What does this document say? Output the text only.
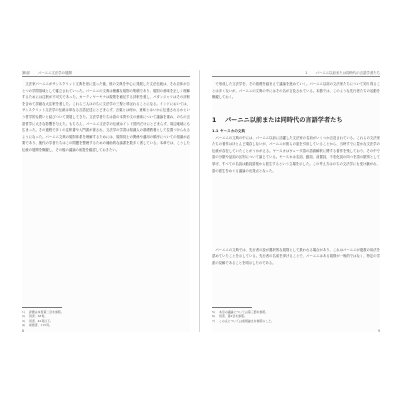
第Ⅰ部 パーニニ文法学の展開

文法家パーニニがサンスクリット文典を世に送った後、彼の文典を中心に発展した文法伝統は、それ自体がひとつの学問領域として確立されていった。パーニニの文典は簡潔な規則の集積であり、規則の意味を正しく理解するためには注釈が不可欠であった。カーティヤーヤナは規則を補足する評釈を著し、パタンジャリはその評釈を含めて詳細な大注釈を著した。これら三人はのちに文法学の三聖と呼ばれることになる。インドにおいては、サンスクリット文法学の伝統は単なる言語記述にとどまらず、言葉とは何か、意味とはいかに伝達されるかという哲学的な問いと結びついて発展してきた。文法学者たちは語の本質や文の意味について議論を重ね、のちの言語哲学に大きな影響を与えた。もちろん、パーニニ文法学の伝統はインド国内だけにとどまらず、周辺地域にも広まった。その過程で多くの注釈書や入門書が著され、文法学の学習は知識人の基礎教養として位置づけられるようになった。パーニニ文典の規則体系を理解するためには、規則同士の関係や適用の順序についての知識が必要であり、後代の学者たちはこの問題を整理するための補助的な論書を数多く著している。本章では、こうした伝統の展開を概観し、その後の議論の前提を確認しておきたい。

1) 詳細は本書第二章を参照。
2) 同書、38頁。
3) 同書、42頁以下。
4) 前掲書、115頁。
8
1 パーニニ以前または同時代の言語学者たち

で形成した文法学を、その基礎を踏まえて議論を進めていく。パーニニ以前の文法家たちについて知り得ることは多くないが、パーニニの文典の中にはその名が言及されている。本節では、このような先行者たちの活動を概観しておく。

1 パーニニ以前または同時代の言語学者たち
1.1 ヤースカの文典

パーニニの文典の中には、パーニニ以前に活躍した文法家の名前がいくつか言及されている。これらの文法家たちの著作はほとんど現存しないが、パーニニが彼らの説を引用していることから、当時すでに豊かな文法学の伝統が存在していたことがうかがえる。ヤースカはヴェーダ語の語源解釈に関する著作を残しており、その中で語の分類や品詞の区別について論じている。ヤースカは名詞、動詞、前置詞、不変化詞の四つを語の類別として挙げ、すべての名詞は動詞語根から派生するという立場を示した。この考え方はのちの文法学にも受け継がれ、語の派生をめぐる議論の出発点となった。

パーニニの文典では、先行者の説が選択的な規則として扱われる場合があり、これはパーニニが複数の用法を認めていたことを示している。先行者の名前を挙げることで、パーニニはある規則が一般的ではなく、特定の学派の見解であることを明示したのである。

5) 本章の議論については第三節を参照。
6) 同書、第2章を参照。
7) この点については前掲論文を参照のこと。
9
